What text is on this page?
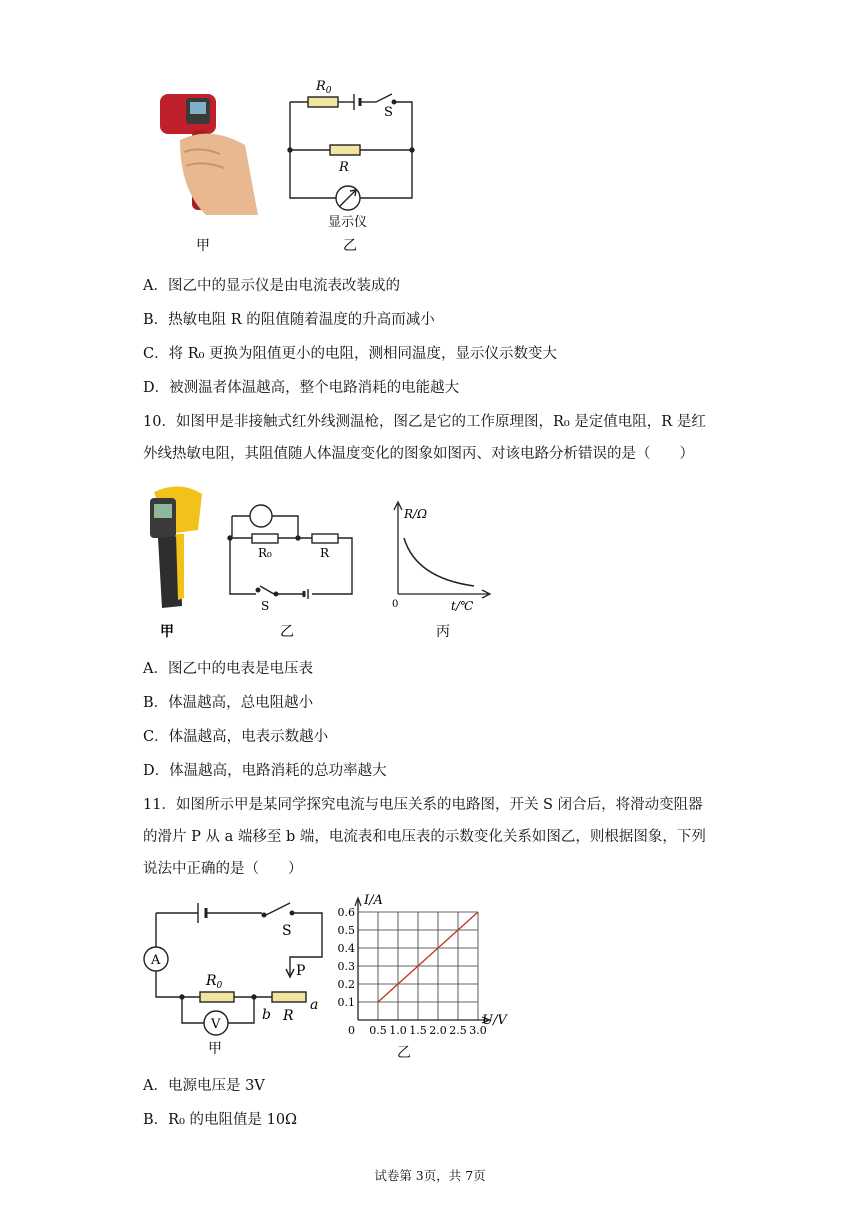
$R_0$
S
R
显示仪
甲	乙
A．图乙中的显示仪是由电流表改装成的
B．热敏电阻 R 的阻值随着温度的升高而减小
C．将 R₀ 更换为阻值更小的电阻，测相同温度，显示仪示数变大
D．被测温者体温越高，整个电路消耗的电能越大
10．如图甲是非接触式红外线测温枪，图乙是它的工作原理图，R₀ 是定值电阻，R 是红
外线热敏电阻，其阻值随人体温度变化的图象如图丙、对该电路分析错误的是（　　）
R₀	R
S
R/Ω
t/℃
0
甲	乙	丙
A．图乙中的电表是电压表
B．体温越高，总电阻越小
C．体温越高，电表示数越小
D．体温越高，电路消耗的总功率越大
11．如图所示甲是某同学探究电流与电压关系的电路图，开关 S 闭合后，将滑动变阻器
的滑片 P 从 a 端移至 b 端，电流表和电压表的示数变化关系如图乙，则根据图象，下列
说法中正确的是（　　）
A
V
$R_0$
S
P
b
a
R
甲
0.5 1.0 1.5 2.0 2.5 3.0
0.1
0.2
0.3
0.4
0.5
0.6
I/A
U/V
0
乙
A．电源电压是 3V
B．R₀ 的电阻值是 10Ω
试卷第 3页，共 7页
